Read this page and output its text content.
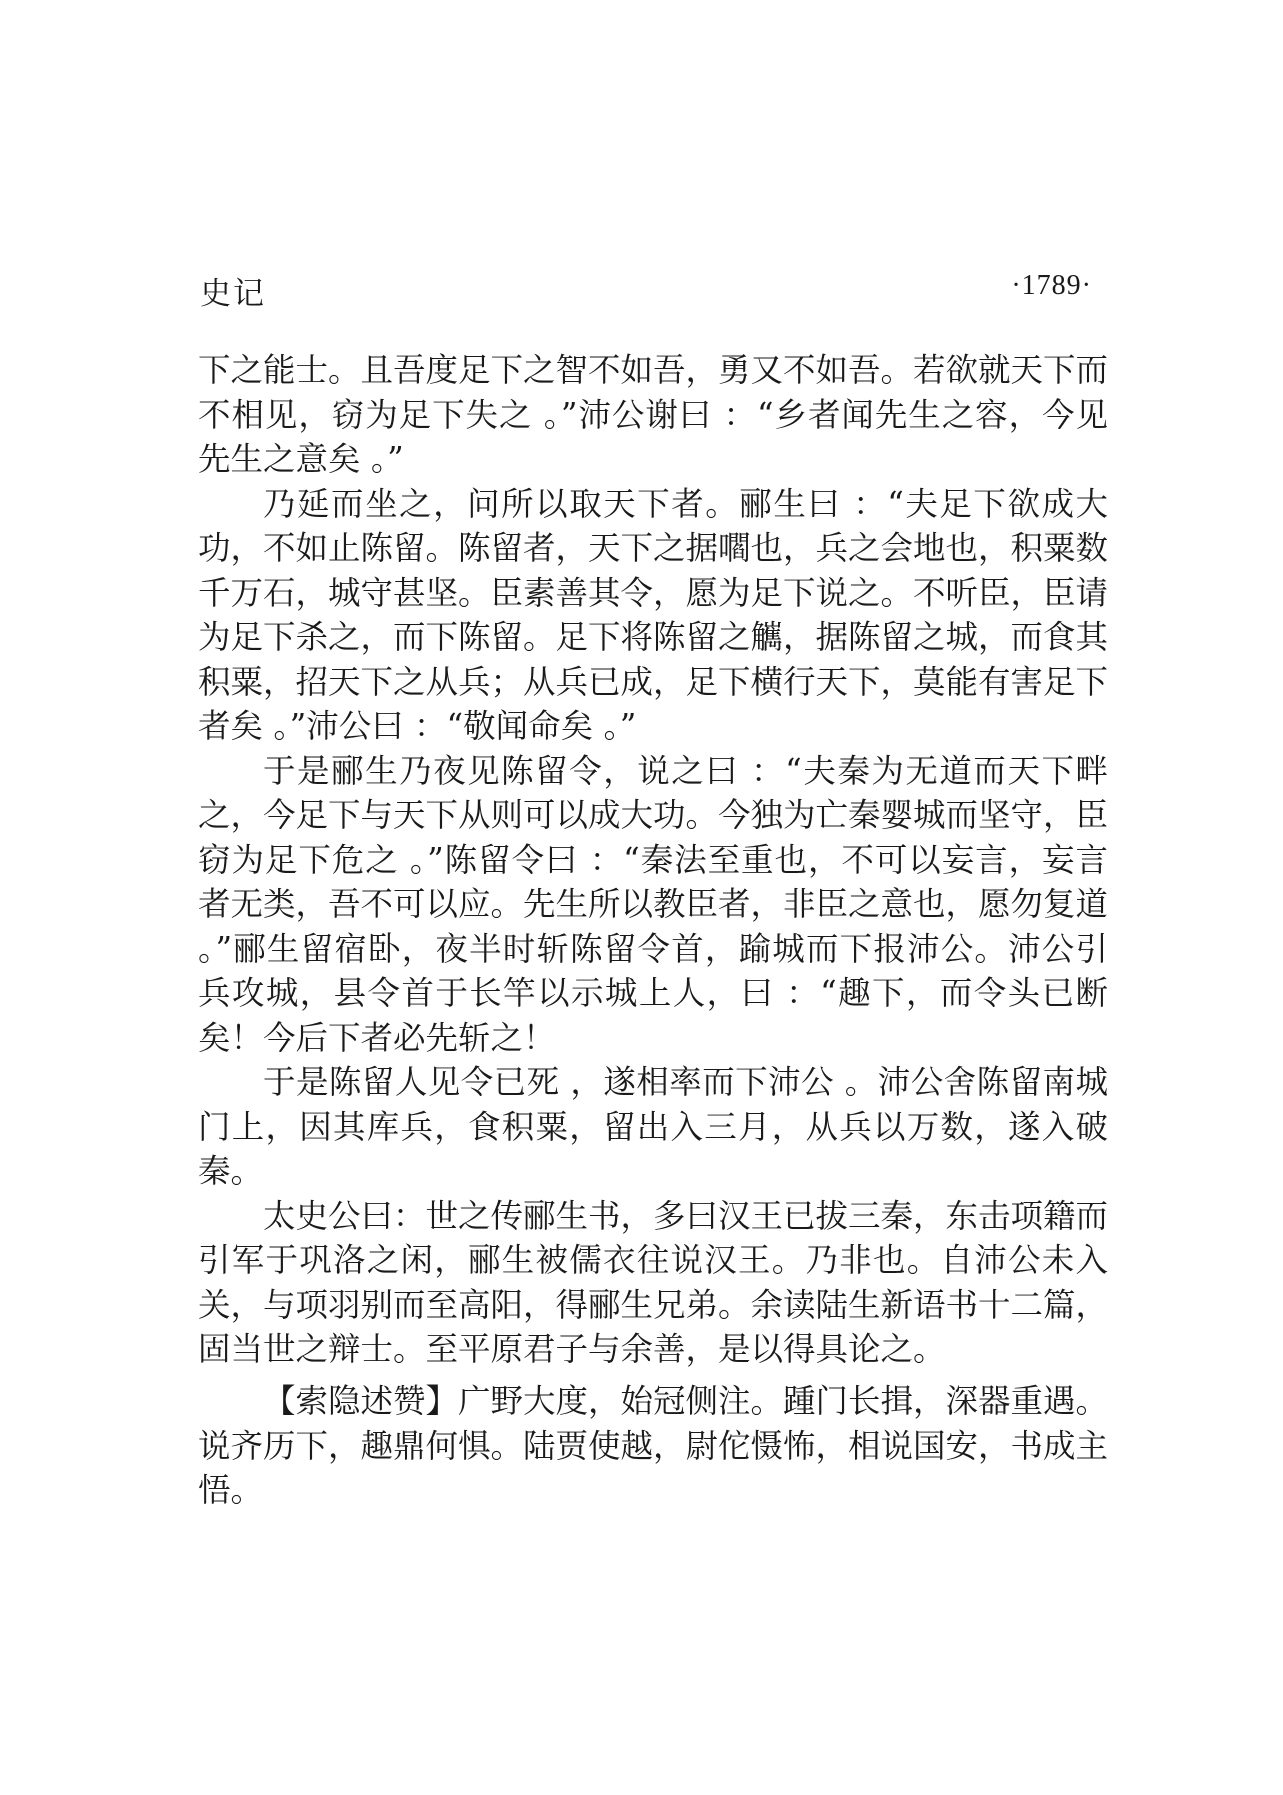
史记	·1789·

下之能士。且吾度足下之智不如吾，勇又不如吾。若欲就天下而不相见，窃为足下失之 。”沛公谢曰 ：“乡者闻先生之容，今见先生之意矣 。”

乃延而坐之，问所以取天下者。郦生曰 ：“夫足下欲成大功，不如止陈留。陈留者，天下之据嚪也，兵之会地也，积粟数千万石，城守甚坚。臣素善其令，愿为足下说之。不听臣，臣请为足下杀之，而下陈留。足下将陈留之觽，据陈留之城，而食其积粟，招天下之从兵；从兵已成，足下横行天下，莫能有害足下者矣 。”沛公曰 ：“敬闻命矣 。”

于是郦生乃夜见陈留令，说之曰 ：“夫秦为无道而天下畔之，今足下与天下从则可以成大功。今独为亡秦婴城而坚守，臣窃为足下危之 。”陈留令曰 ：“秦法至重也，不可以妄言，妄言者无类，吾不可以应。先生所以教臣者，非臣之意也，愿勿复道 。”郦生留宿卧，夜半时斩陈留令首，踰城而下报沛公。沛公引兵攻城，县令首于长竿以示城上人，曰 ：“趣下，而令头已断矣！今后下者必先斩之！

于是陈留人见令已死 ，遂相率而下沛公 。沛公舍陈留南城门上，因其库兵，食积粟，留出入三月，从兵以万数，遂入破秦。

太史公曰：世之传郦生书，多曰汉王已拔三秦，东击项籍而引军于巩洛之闲，郦生被儒衣往说汉王。乃非也。自沛公未入关，与项羽别而至高阳，得郦生兄弟。余读陆生新语书十二篇，固当世之辩士。至平原君子与余善，是以得具论之。

【索隐述赞】广野大度，始冠侧注。踵门长揖，深器重遇。说齐历下，趣鼎何惧。陆贾使越，尉佗慑怖，相说国安，书成主悟。
